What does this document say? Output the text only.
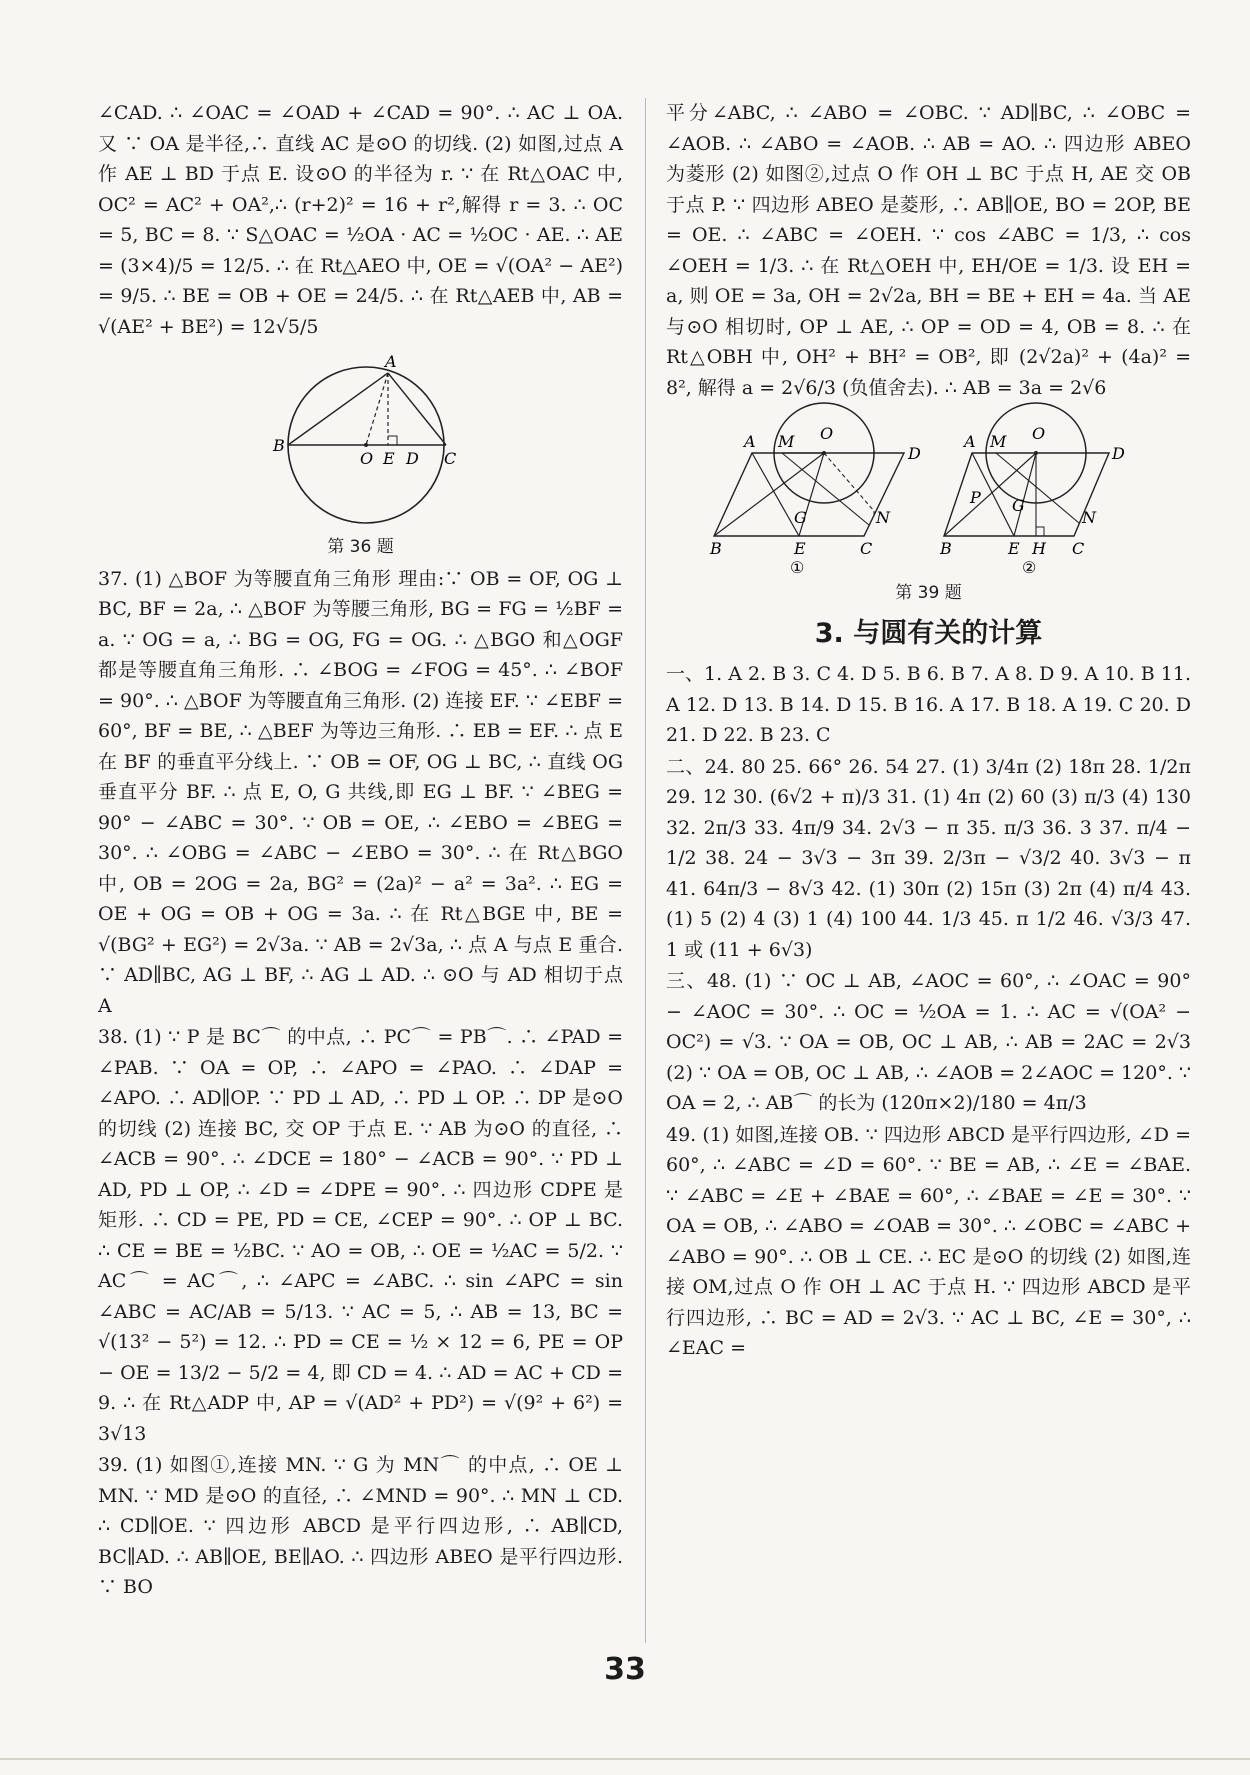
∠CAD. ∴ ∠OAC = ∠OAD + ∠CAD = 90°. ∴ AC ⊥ OA. 又 ∵ OA 是半径,∴ 直线 AC 是⊙O 的切线. (2) 如图,过点 A 作 AE ⊥ BD 于点 E. 设⊙O 的半径为 r. ∵ 在 Rt△OAC 中, OC² = AC² + OA²,∴ (r+2)² = 16 + r²,解得 r = 3. ∴ OC = 5, BC = 8. ∵ S△OAC = ½OA · AC = ½OC · AE. ∴ AE = (3×4)/5 = 12/5. ∴ 在 Rt△AEO 中, OE = √(OA² − AE²) = 9/5. ∴ BE = OB + OE = 24/5. ∴ 在 Rt△AEB 中, AB = √(AE² + BE²) = 12√5/5

A
B
O E D C

第 36 题

37. (1) △BOF 为等腰直角三角形 理由:∵ OB = OF, OG ⊥ BC, BF = 2a, ∴ △BOF 为等腰三角形, BG = FG = ½BF = a. ∵ OG = a, ∴ BG = OG, FG = OG. ∴ △BGO 和△OGF 都是等腰直角三角形. ∴ ∠BOG = ∠FOG = 45°. ∴ ∠BOF = 90°. ∴ △BOF 为等腰直角三角形. (2) 连接 EF. ∵ ∠EBF = 60°, BF = BE, ∴ △BEF 为等边三角形. ∴ EB = EF. ∴ 点 E 在 BF 的垂直平分线上. ∵ OB = OF, OG ⊥ BC, ∴ 直线 OG 垂直平分 BF. ∴ 点 E, O, G 共线,即 EG ⊥ BF. ∵ ∠BEG = 90° − ∠ABC = 30°. ∵ OB = OE, ∴ ∠EBO = ∠BEG = 30°. ∴ ∠OBG = ∠ABC − ∠EBO = 30°. ∴ 在 Rt△BGO 中, OB = 2OG = 2a, BG² = (2a)² − a² = 3a². ∴ EG = OE + OG = OB + OG = 3a. ∴ 在 Rt△BGE 中, BE = √(BG² + EG²) = 2√3a. ∵ AB = 2√3a, ∴ 点 A 与点 E 重合. ∵ AD∥BC, AG ⊥ BF, ∴ AG ⊥ AD. ∴ ⊙O 与 AD 相切于点 A

38. (1) ∵ P 是 BC⌒ 的中点, ∴ PC⌒ = PB⌒. ∴ ∠PAD = ∠PAB. ∵ OA = OP, ∴ ∠APO = ∠PAO. ∴ ∠DAP = ∠APO. ∴ AD∥OP. ∵ PD ⊥ AD, ∴ PD ⊥ OP. ∴ DP 是⊙O 的切线 (2) 连接 BC, 交 OP 于点 E. ∵ AB 为⊙O 的直径, ∴ ∠ACB = 90°. ∴ ∠DCE = 180° − ∠ACB = 90°. ∵ PD ⊥ AD, PD ⊥ OP, ∴ ∠D = ∠DPE = 90°. ∴ 四边形 CDPE 是矩形. ∴ CD = PE, PD = CE, ∠CEP = 90°. ∴ OP ⊥ BC. ∴ CE = BE = ½BC. ∵ AO = OB, ∴ OE = ½AC = 5/2. ∵ AC⌒ = AC⌒, ∴ ∠APC = ∠ABC. ∴ sin ∠APC = sin ∠ABC = AC/AB = 5/13. ∵ AC = 5, ∴ AB = 13, BC = √(13² − 5²) = 12. ∴ PD = CE = ½ × 12 = 6, PE = OP − OE = 13/2 − 5/2 = 4, 即 CD = 4. ∴ AD = AC + CD = 9. ∴ 在 Rt△ADP 中, AP = √(AD² + PD²) = √(9² + 6²) = 3√13

39. (1) 如图①,连接 MN. ∵ G 为 MN⌒ 的中点, ∴ OE ⊥ MN. ∵ MD 是⊙O 的直径, ∴ ∠MND = 90°. ∴ MN ⊥ CD. ∴ CD∥OE. ∵ 四边形 ABCD 是平行四边形, ∴ AB∥CD, BC∥AD. ∴ AB∥OE, BE∥AO. ∴ 四边形 ABEO 是平行四边形. ∵ BO

平分∠ABC, ∴ ∠ABO = ∠OBC. ∵ AD∥BC, ∴ ∠OBC = ∠AOB. ∴ ∠ABO = ∠AOB. ∴ AB = AO. ∴ 四边形 ABEO 为菱形 (2) 如图②,过点 O 作 OH ⊥ BC 于点 H, AE 交 OB 于点 P. ∵ 四边形 ABEO 是菱形, ∴ AB∥OE, BO = 2OP, BE = OE. ∴ ∠ABC = ∠OEH. ∵ cos ∠ABC = 1/3, ∴ cos ∠OEH = 1/3. ∴ 在 Rt△OEH 中, EH/OE = 1/3. 设 EH = a, 则 OE = 3a, OH = 2√2a, BH = BE + EH = 4a. 当 AE 与⊙O 相切时, OP ⊥ AE, ∴ OP = OD = 4, OB = 8. ∴ 在 Rt△OBH 中, OH² + BH² = OB², 即 (2√2a)² + (4a)² = 8², 解得 a = 2√6/3 (负值舍去). ∴ AB = 3a = 2√6

A M O
D
G	N
B	E	C
①
A M O
D
P G
N
B	E H C
②

第 39 题

3. 与圆有关的计算

一、1. A 2. B 3. C 4. D 5. B 6. B 7. A 8. D 9. A 10. B 11. A 12. D 13. B 14. D 15. B 16. A 17. B 18. A 19. C 20. D 21. D 22. B 23. C

二、24. 80 25. 66° 26. 54 27. (1) 3/4π (2) 18π 28. 1/2π 29. 12 30. (6√2 + π)/3 31. (1) 4π (2) 60 (3) π/3 (4) 130 32. 2π/3 33. 4π/9 34. 2√3 − π 35. π/3 36. 3 37. π/4 − 1/2 38. 24 − 3√3 − 3π 39. 2/3π − √3/2 40. 3√3 − π 41. 64π/3 − 8√3 42. (1) 30π (2) 15π (3) 2π (4) π/4 43. (1) 5 (2) 4 (3) 1 (4) 100 44. 1/3 45. π 1/2 46. √3/3 47. 1 或 (11 + 6√3)

三、48. (1) ∵ OC ⊥ AB, ∠AOC = 60°, ∴ ∠OAC = 90° − ∠AOC = 30°. ∴ OC = ½OA = 1. ∴ AC = √(OA² − OC²) = √3. ∵ OA = OB, OC ⊥ AB, ∴ AB = 2AC = 2√3 (2) ∵ OA = OB, OC ⊥ AB, ∴ ∠AOB = 2∠AOC = 120°. ∵ OA = 2, ∴ AB⌒ 的长为 (120π×2)/180 = 4π/3

49. (1) 如图,连接 OB. ∵ 四边形 ABCD 是平行四边形, ∠D = 60°, ∴ ∠ABC = ∠D = 60°. ∵ BE = AB, ∴ ∠E = ∠BAE. ∵ ∠ABC = ∠E + ∠BAE = 60°, ∴ ∠BAE = ∠E = 30°. ∵ OA = OB, ∴ ∠ABO = ∠OAB = 30°. ∴ ∠OBC = ∠ABC + ∠ABO = 90°. ∴ OB ⊥ CE. ∴ EC 是⊙O 的切线 (2) 如图,连接 OM,过点 O 作 OH ⊥ AC 于点 H. ∵ 四边形 ABCD 是平行四边形, ∴ BC = AD = 2√3. ∵ AC ⊥ BC, ∠E = 30°, ∴ ∠EAC =

33
